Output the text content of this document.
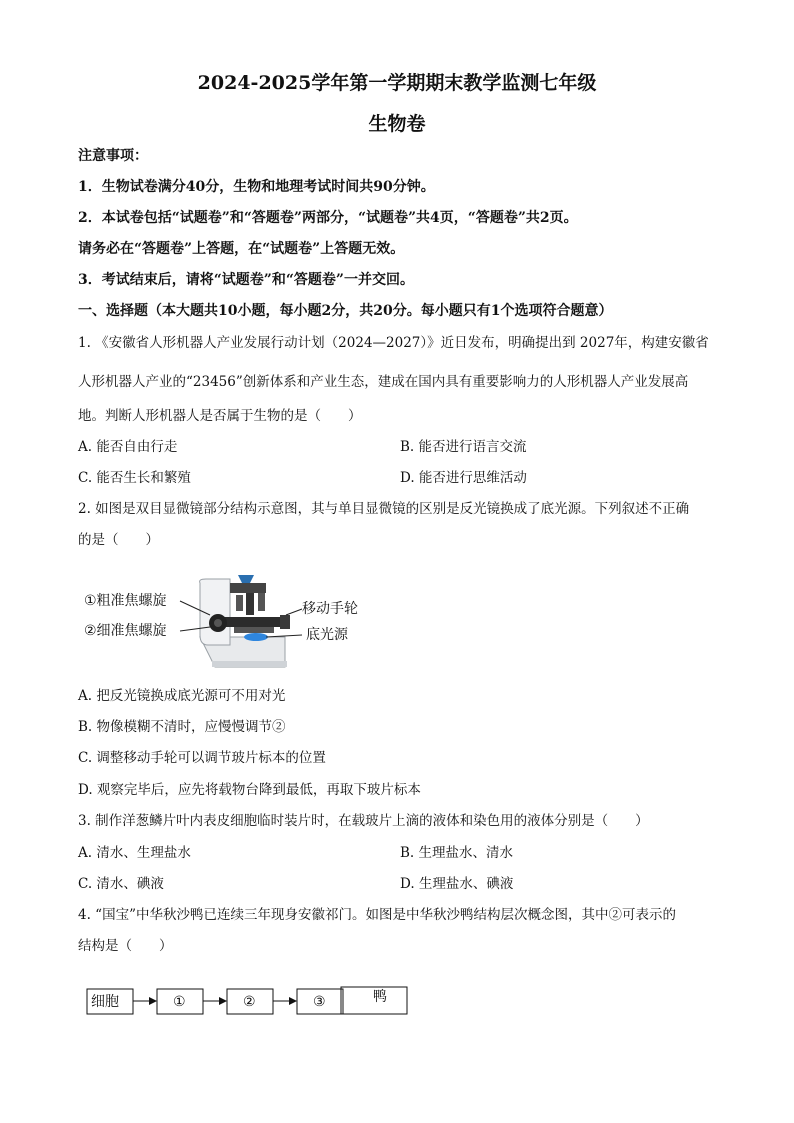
2024-2025学年第一学期期末教学监测七年级
生物卷
注意事项：
1．生物试卷满分40分，生物和地理考试时间共90分钟。
2．本试卷包括“试题卷”和“答题卷”两部分，“试题卷”共4页，“答题卷”共2页。
请务必在“答题卷”上答题，在“试题卷”上答题无效。
3．考试结束后，请将“试题卷”和“答题卷”一并交回。
一、选择题（本大题共10小题，每小题2分，共20分。每小题只有1个选项符合题意）
1. 《安徽省人形机器人产业发展行动计划（2024—2027）》近日发布，明确提出到 2027年，构建安徽省
人形机器人产业的“23456”创新体系和产业生态，建成在国内具有重要影响力的人形机器人产业发展高
地。判断人形机器人是否属于生物的是（　　）
A. 能否自由行走	B. 能否进行语言交流
C. 能否生长和繁殖	D. 能否进行思维活动
2. 如图是双目显微镜部分结构示意图，其与单目显微镜的区别是反光镜换成了底光源。下列叙述不正确
的是（　　）
①粗准焦螺旋
②细准焦螺旋
移动手轮
底光源
A. 把反光镜换成底光源可不用对光
B. 物像模糊不清时，应慢慢调节②
C. 调整移动手轮可以调节玻片标本的位置
D. 观察完毕后，应先将载物台降到最低，再取下玻片标本
3. 制作洋葱鳞片叶内表皮细胞临时装片时，在载玻片上滴的液体和染色用的液体分别是（　　）
A. 清水、生理盐水	B. 生理盐水、清水
C. 清水、碘液	D. 生理盐水、碘液
4. “国宝”中华秋沙鸭已连续三年现身安徽祁门。如图是中华秋沙鸭结构层次概念图，其中②可表示的
结构是（　　）
细胞	①	②	③	鸭
